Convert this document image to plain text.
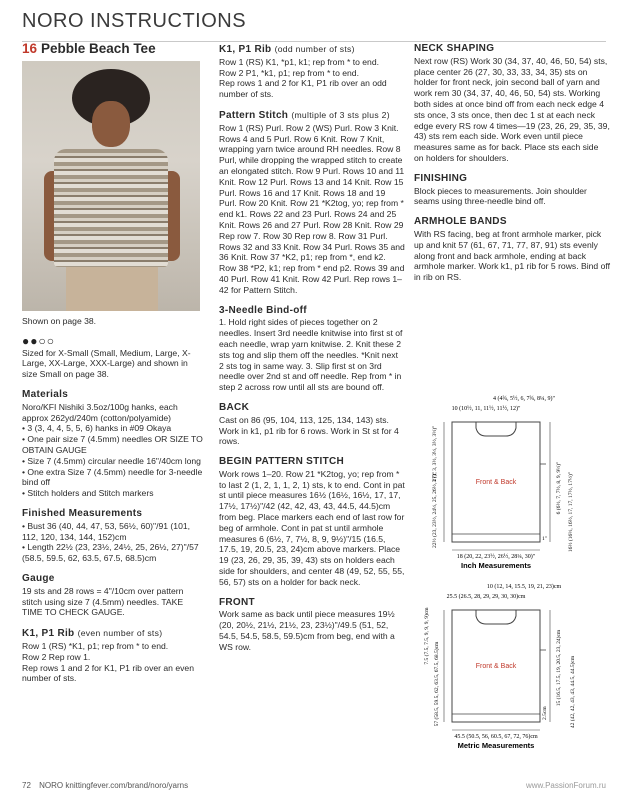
NORO INSTRUCTIONS
16 Pebble Beach Tee

Shown on page 38.

●●○○

Sized for X-Small (Small, Medium, Large, X-Large, XX-Large, XXX-Large) and shown in size Small on page 38.

Materials

Noro/KFI Nishiki 3.5oz/100g hanks, each approx 262yd/240m (cotton/polyamide)

• 3 (3, 4, 4, 5, 5, 6) hanks in #09 Okaya

• One pair size 7 (4.5mm) needles OR SIZE TO OBTAIN GAUGE

• Size 7 (4.5mm) circular needle 16"/40cm long

• One extra Size 7 (4.5mm) needle for 3-needle bind off

• Stitch holders and Stitch markers

Finished Measurements

• Bust 36 (40, 44, 47, 53, 56½, 60)"/91 (101, 112, 120, 134, 144, 152)cm

• Length 22½ (23, 23½, 24½, 25, 26½, 27)"/57 (58.5, 59.5, 62, 63.5, 67.5, 68.5)cm

Gauge

19 sts and 28 rows = 4"/10cm over pattern stitch using size 7 (4.5mm) needles. TAKE TIME TO CHECK GAUGE.

K1, P1 Rib (even number of sts)

Row 1 (RS) *K1, p1; rep from * to end.

Row 2 Rep row 1.

Rep rows 1 and 2 for K1, P1 rib over an even number of sts.

K1, P1 Rib (odd number of sts)

Row 1 (RS) K1, *p1, k1; rep from * to end.

Row 2 P1, *k1, p1; rep from * to end.

Rep rows 1 and 2 for K1, P1 rib over an odd number of sts.

Pattern Stitch (multiple of 3 sts plus 2)

Row 1 (RS) Purl. Row 2 (WS) Purl. Row 3 Knit. Rows 4 and 5 Purl. Row 6 Knit. Row 7 Knit, wrapping yarn twice around RH needles. Row 8 Purl, while dropping the wrapped stitch to create an elongated stitch. Row 9 Purl. Rows 10 and 11 Knit. Row 12 Purl. Rows 13 and 14 Knit. Row 15 Purl. Rows 16 and 17 Knit. Rows 18 and 19 Purl. Row 20 Knit. Row 21 *K2tog, yo; rep from * end k1. Rows 22 and 23 Purl. Rows 24 and 25 Knit. Rows 26 and 27 Purl. Row 28 Knit. Row 29 Rep row 7. Row 30 Rep row 8. Row 31 Purl. Rows 32 and 33 Knit. Row 34 Purl. Rows 35 and 36 Knit. Row 37 *K2, p1; rep from *, end k2. Row 38 *P2, k1; rep from * end p2. Rows 39 and 40 Purl. Row 41 Knit. Row 42 Purl. Rep rows 1–42 for Pattern Stitch.

3-Needle Bind-off

1. Hold right sides of pieces together on 2 needles. Insert 3rd needle knitwise into first st of each needle, wrap yarn knitwise. 2. Knit these 2 sts tog and slip them off the needles. *Knit next 2 sts tog in same way. 3. Slip first st on 3rd needle over 2nd st and off needle. Rep from * in step 2 across row until all sts are bound off.

BACK

Cast on 86 (95, 104, 113, 125, 134, 143) sts. Work in k1, p1 rib for 6 rows. Work in St st for 4 rows.

BEGIN PATTERN STITCH

Work rows 1–20. Row 21 *K2tog, yo; rep from * to last 2 (1, 2, 1, 1, 2, 1) sts, k to end. Cont in pat st until piece measures 16½ (16½, 16½, 17, 17, 17½, 17½)"/42 (42, 42, 43, 43, 44.5, 44.5)cm from beg. Place markers each end of last row for beg of armhole. Cont in pat st until armhole measures 6 (6½, 7, 7½, 8, 9, 9½)"/15 (16.5, 17.5, 19, 20.5, 23, 24)cm above markers. Place 19 (23, 26, 29, 35, 39, 43) sts on holders each side for shoulders, and center 48 (49, 52, 55, 55, 56, 57) sts on a holder for back neck.

FRONT

Work same as back until piece measures 19½ (20, 20½, 21½, 21½, 23, 23½)"/49.5 (51, 52, 54.5, 54.5, 58.5, 59.5)cm from beg, end with a WS row.

NECK SHAPING

Next row (RS) Work 30 (34, 37, 40, 46, 50, 54) sts, place center 26 (27, 30, 33, 33, 34, 35) sts on holder for front neck, join second ball of yarn and work rem 30 (34, 37, 40, 46, 50, 54) sts. Working both sides at once bind off from each neck edge 4 sts once, 3 sts once, then dec 1 st at each neck edge every RS row 4 times—19 (23, 26, 29, 35, 39, 43) sts rem each side. Work even until piece measures same as for back. Place sts each side on holders for shoulders.

FINISHING

Block pieces to measurements. Join shoulder seams using three-needle bind off.

ARMHOLE BANDS

With RS facing, beg at front armhole marker, pick up and knit 57 (61, 67, 71, 77, 87, 91) sts evenly along front and back armhole, ending at back armhole marker. Work k1, p1 rib for 5 rows. Bind off in rib on RS.

4 (4¾, 5½, 6, 7¾, 8¼, 9)"
10 (10½, 11, 11½, 11½, 12)"
Front & Back
3 (3, 3, 3½, 3½, 3½, 3½)"
22½ (23, 23½, 24½, 25, 26½, 27)"	6 (6½, 7, 7½, 8, 9, 9½)" 16½ (16½, 16½, 17, 17, 17½, 17½)"
1"
18 (20, 22, 23½, 26½, 28¼, 30)"
Inch Measurements
10 (12, 14, 15.5, 19, 21, 23)cm
25.5 (26.5, 28, 29, 29, 30, 30)cm
Front & Back
7.5 (7.5, 7.5, 9, 9, 9, 9)cm
57 (58.5, 59.5, 62, 63.5, 67.5, 68.5)cm	15 (16.5, 17.5, 19, 20.5, 23, 24)cm 42 (42, 42, 43, 43, 44.5, 44.5)cm
2.5cm
45.5 (50.5, 56, 60.5, 67, 72, 76)cm
Metric Measurements
72 NORO knittingfever.com/brand/noro/yarns	www.PassionForum.ru
